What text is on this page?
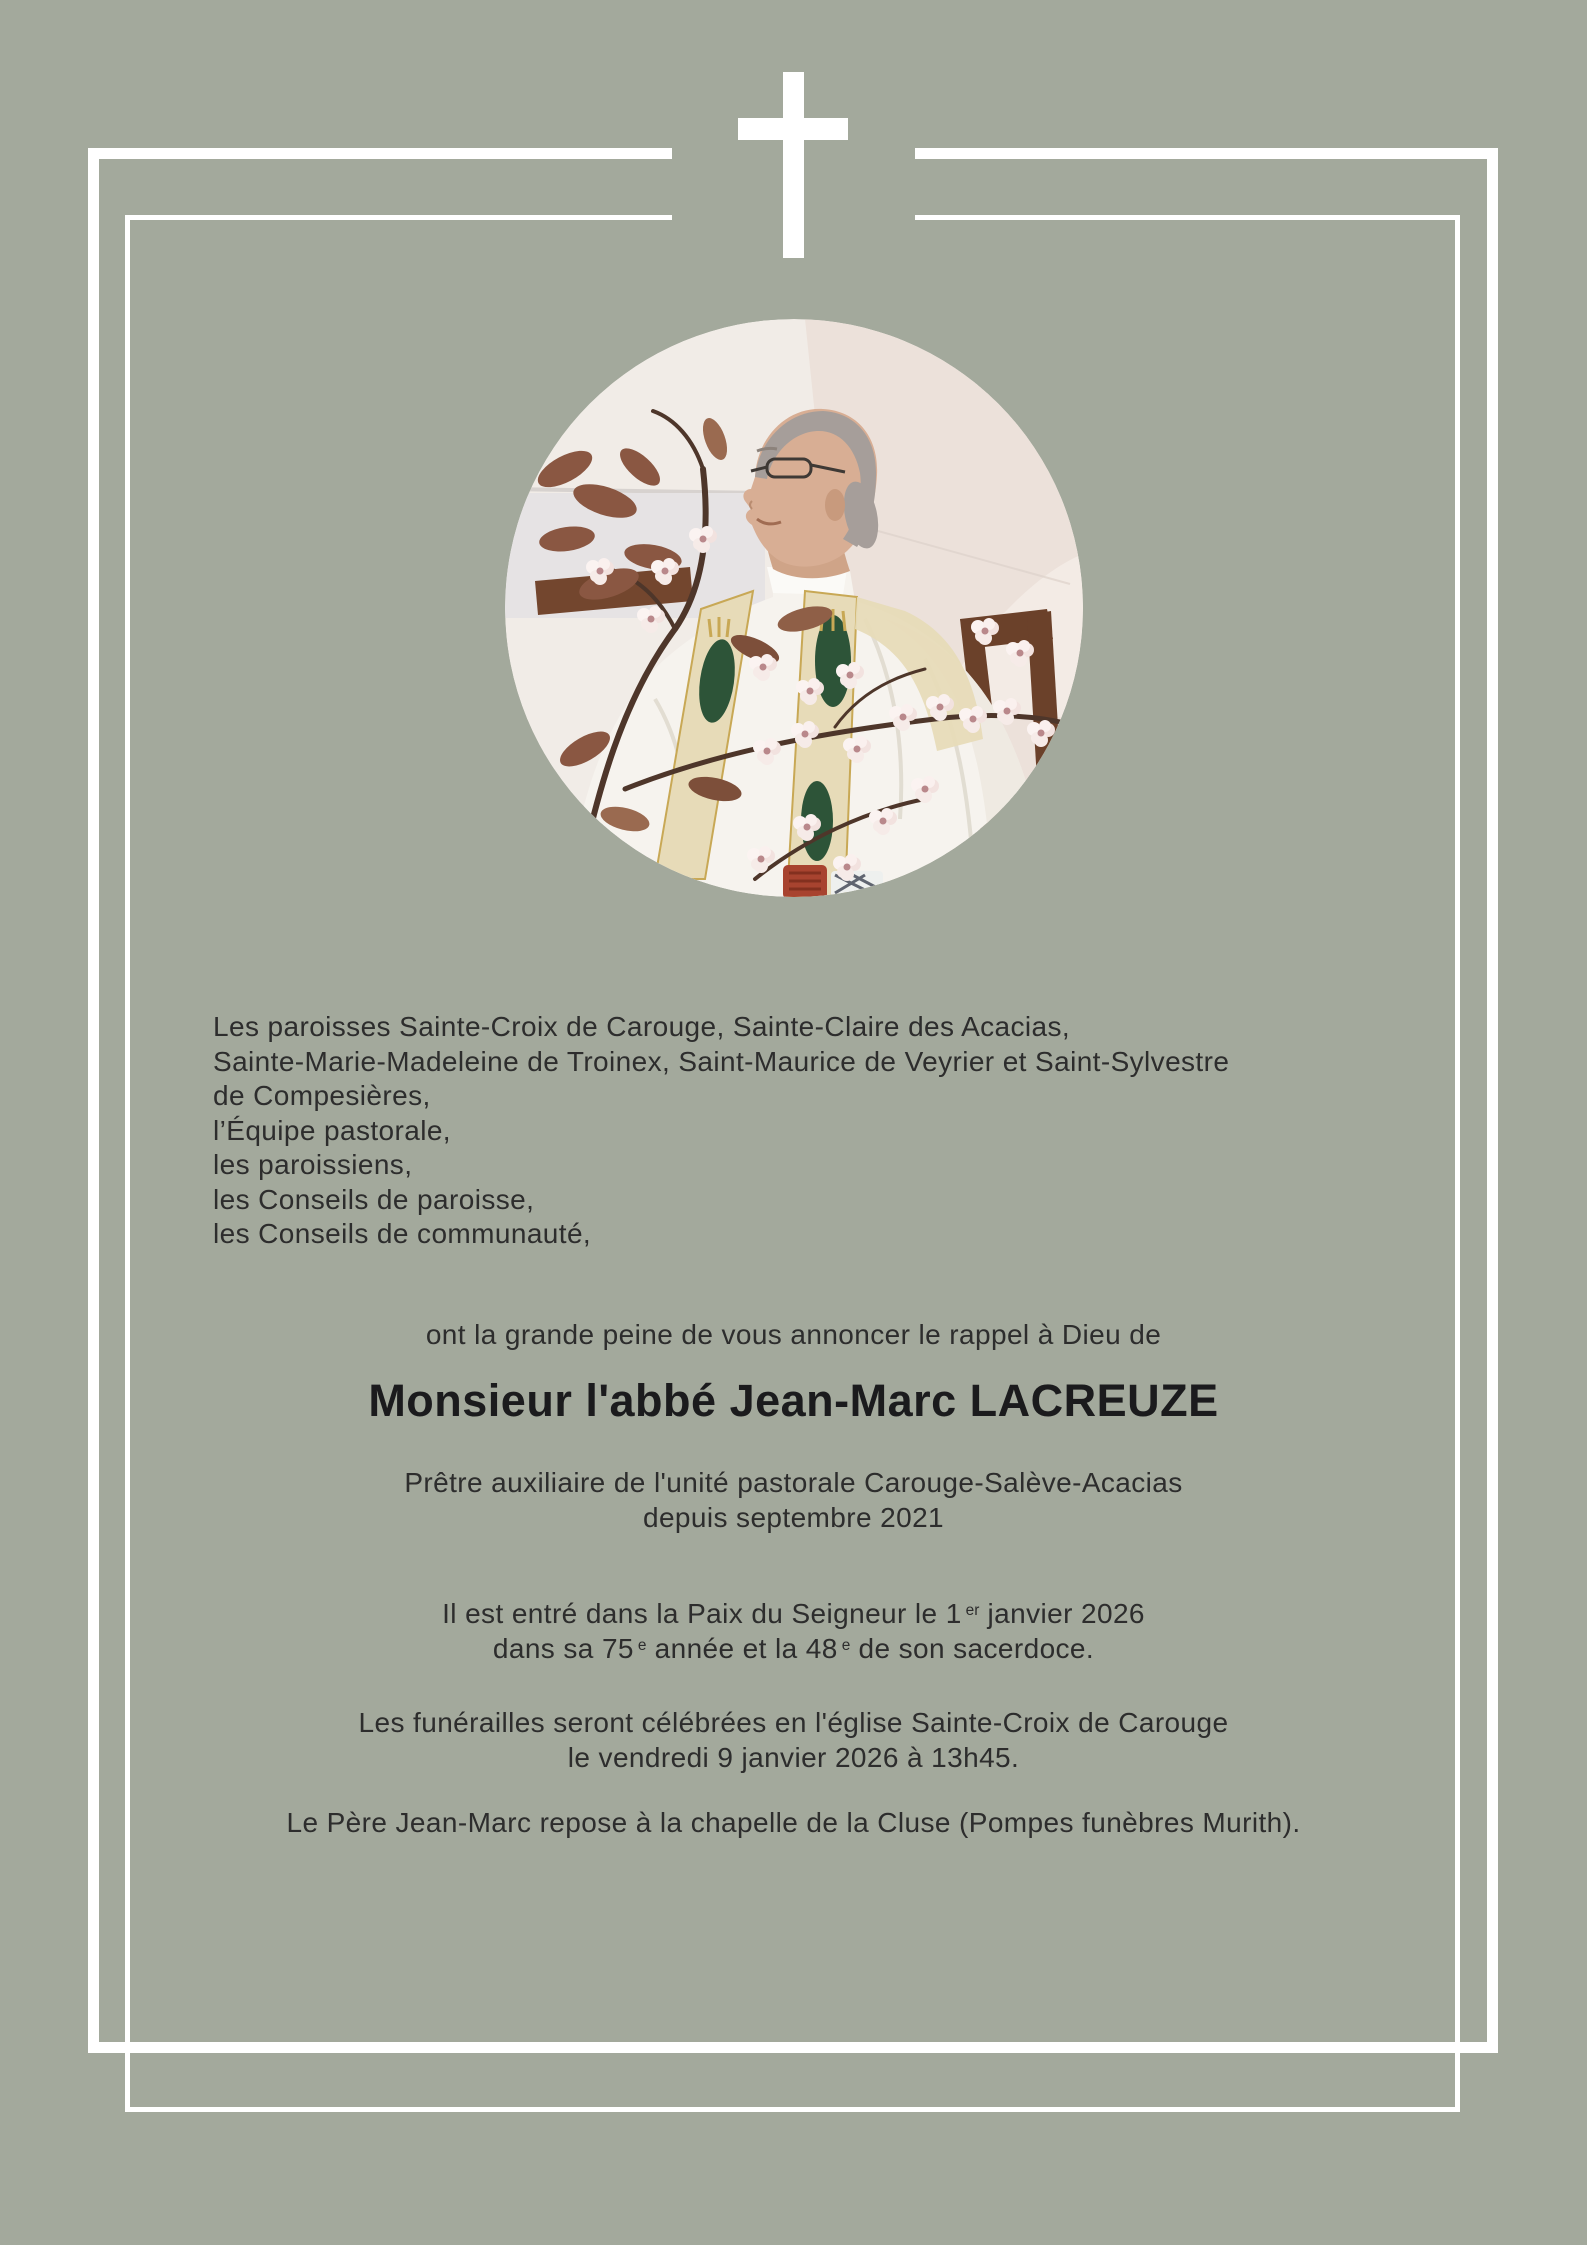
Les paroisses Sainte-Croix de Carouge, Sainte-Claire des Acacias,
Sainte-Marie-Madeleine de Troinex, Saint-Maurice de Veyrier et Saint-Sylvestre
de Compesières,
l’Équipe pastorale,
les paroissiens,
les Conseils de paroisse,
les Conseils de communauté,
ont la grande peine de vous annoncer le rappel à Dieu de
Monsieur l'abbé Jean-Marc LACREUZE
Prêtre auxiliaire de l'unité pastorale Carouge-Salève-Acacias
depuis septembre 2021
Il est entré dans la Paix du Seigneur le 1 $^{er}$ janvier 2026
dans sa 75 $^e$ année et la 48 $^e$ de son sacerdoce.
Les funérailles seront célébrées en l'église Sainte-Croix de Carouge
le vendredi 9 janvier 2026 à 13h45.
Le Père Jean-Marc repose à la chapelle de la Cluse (Pompes funèbres Murith).
